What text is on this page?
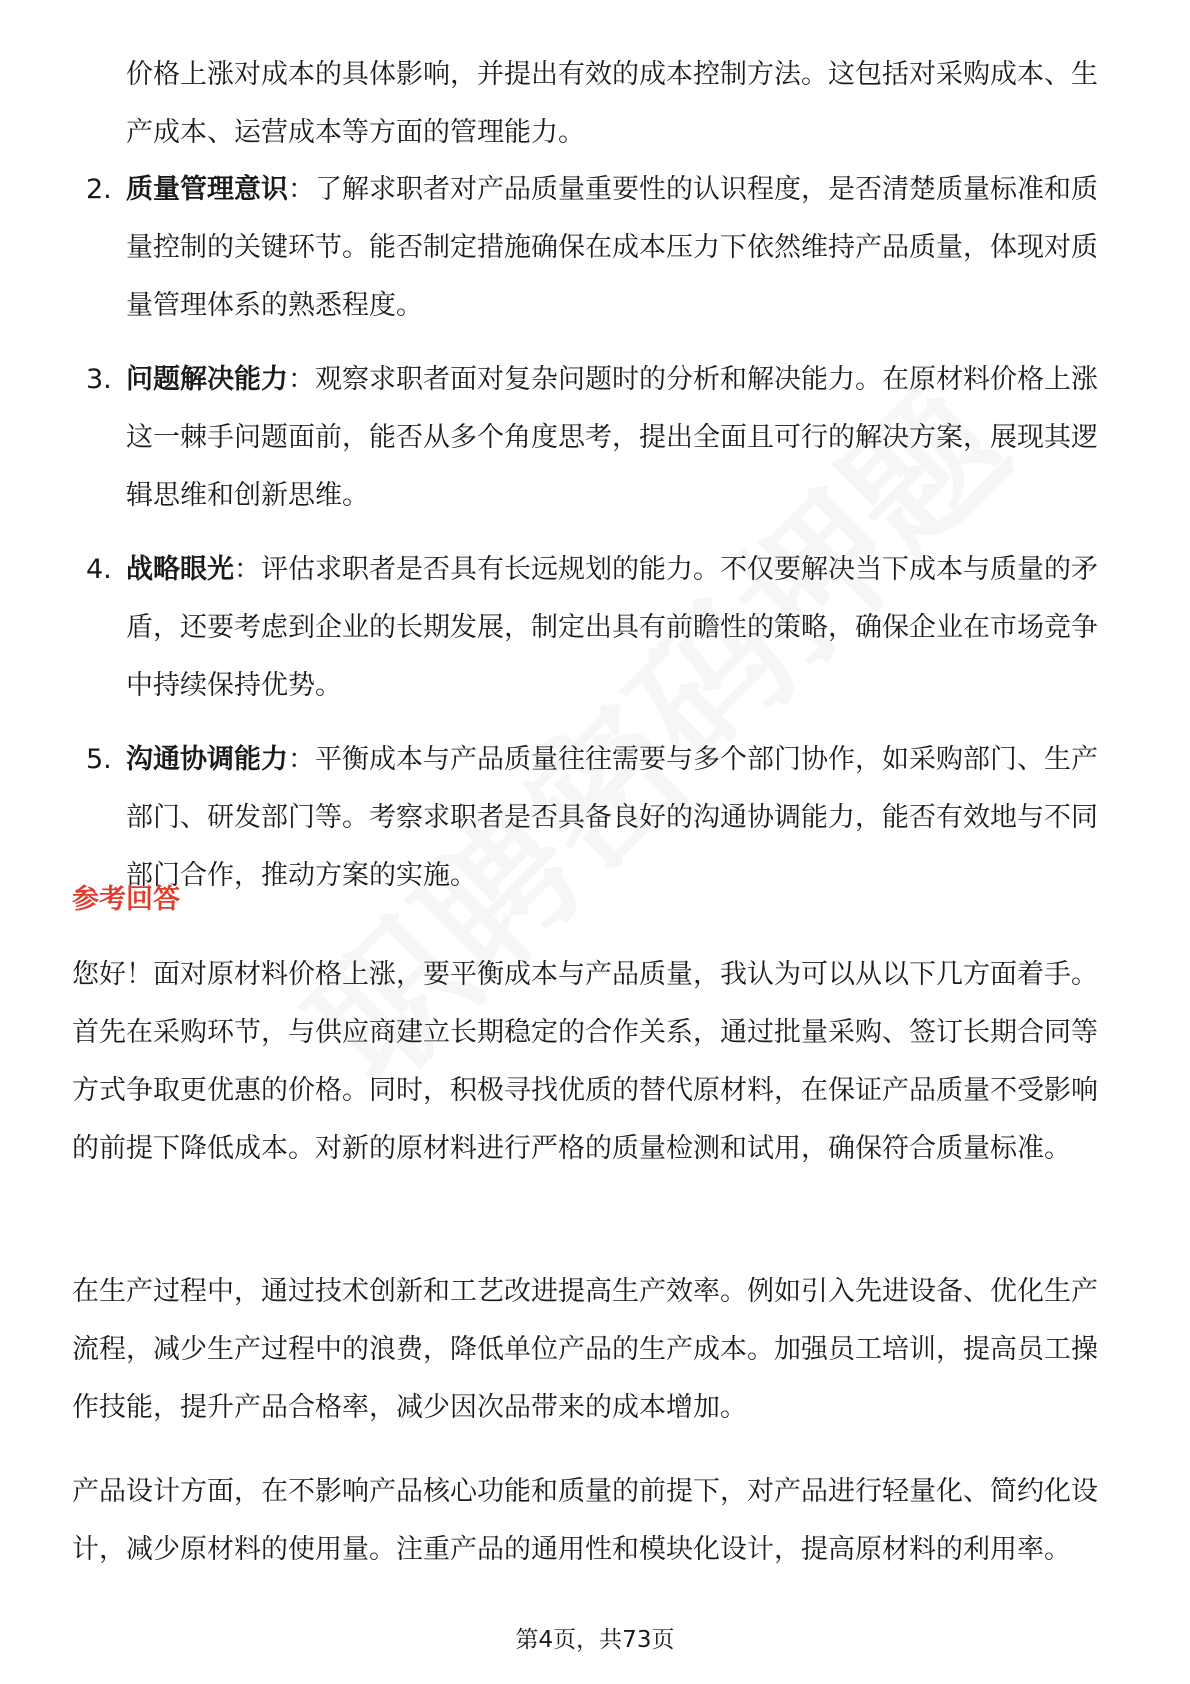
价格上涨对成本的具体影响，并提出有效的成本控制方法。这包括对采购成本、生产成本、运营成本等方面的管理能力。

2. 质量管理意识：了解求职者对产品质量重要性的认识程度，是否清楚质量标准和质量控制的关键环节。能否制定措施确保在成本压力下依然维持产品质量，体现对质量管理体系的熟悉程度。
3. 问题解决能力：观察求职者面对复杂问题时的分析和解决能力。在原材料价格上涨这一棘手问题面前，能否从多个角度思考，提出全面且可行的解决方案，展现其逻辑思维和创新思维。
4. 战略眼光：评估求职者是否具有长远规划的能力。不仅要解决当下成本与质量的矛盾，还要考虑到企业的长期发展，制定出具有前瞻性的策略，确保企业在市场竞争中持续保持优势。
5. 沟通协调能力：平衡成本与产品质量往往需要与多个部门协作，如采购部门、生产部门、研发部门等。考察求职者是否具备良好的沟通协调能力，能否有效地与不同部门合作，推动方案的实施。
参考回答

您好！面对原材料价格上涨，要平衡成本与产品质量，我认为可以从以下几方面着手。首先在采购环节，与供应商建立长期稳定的合作关系，通过批量采购、签订长期合同等方式争取更优惠的价格。同时，积极寻找优质的替代原材料，在保证产品质量不受影响的前提下降低成本。对新的原材料进行严格的质量检测和试用，确保符合质量标准。

在生产过程中，通过技术创新和工艺改进提高生产效率。例如引入先进设备、优化生产流程，减少生产过程中的浪费，降低单位产品的生产成本。加强员工培训，提高员工操作技能，提升产品合格率，减少因次品带来的成本增加。

产品设计方面，在不影响产品核心功能和质量的前提下，对产品进行轻量化、简约化设计，减少原材料的使用量。注重产品的通用性和模块化设计，提高原材料的利用率。

第4页，共73页
